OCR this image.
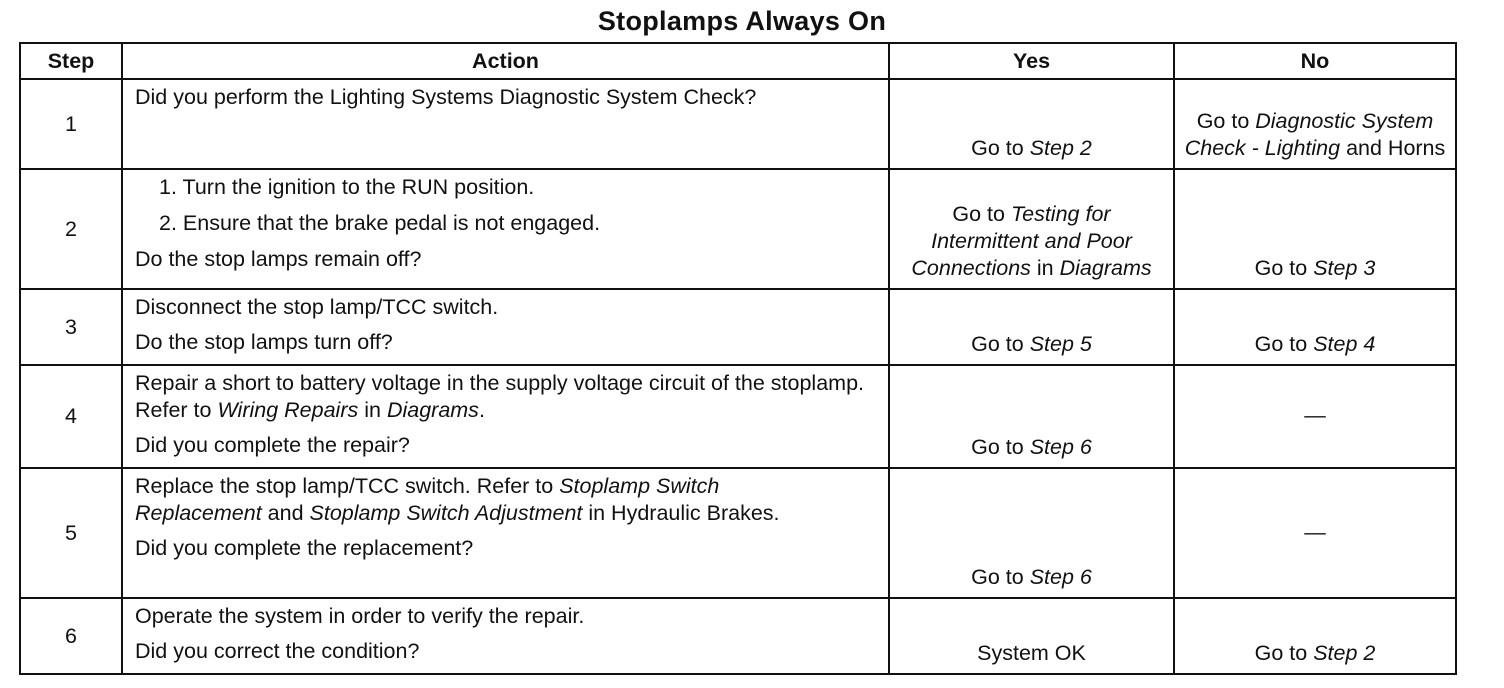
Stoplamps Always On
Step	Action	Yes	No
1	Did you perform the Lighting Systems Diagnostic System Check?	Go to Step 2	Go to Diagnostic System Check - Lighting and Horns
2	1. Turn the ignition to the RUN position.
2. Ensure that the brake pedal is not engaged.
Do the stop lamps remain off?	Go to Testing for Intermittent and Poor Connections in Diagrams	Go to Step 3
3	Disconnect the stop lamp/TCC switch.
Do the stop lamps turn off?	Go to Step 5	Go to Step 4
4	Repair a short to battery voltage in the supply voltage circuit of the stoplamp. Refer to Wiring Repairs in Diagrams.
Did you complete the repair?	Go to Step 6	—
5	Replace the stop lamp/TCC switch. Refer to Stoplamp Switch Replacement and Stoplamp Switch Adjustment in Hydraulic Brakes.
Did you complete the replacement?	Go to Step 6	—
6	Operate the system in order to verify the repair.
Did you correct the condition?	System OK	Go to Step 2
